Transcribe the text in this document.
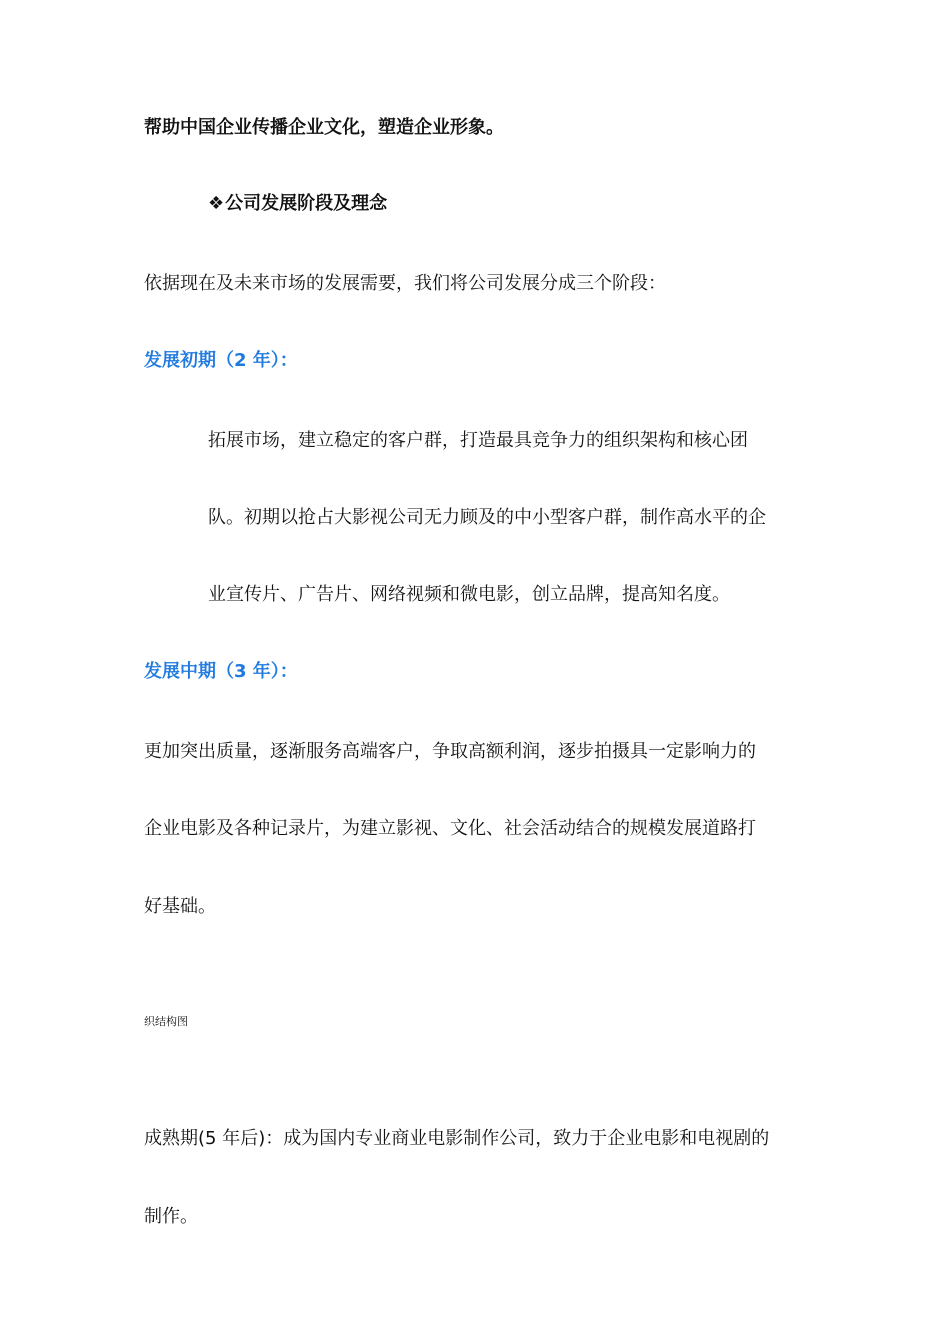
帮助中国企业传播企业文化，塑造企业形象。
❖公司发展阶段及理念
依据现在及未来市场的发展需要，我们将公司发展分成三个阶段：
发展初期（2 年）：
拓展市场，建立稳定的客户群，打造最具竞争力的组织架构和核心团
队。初期以抢占大影视公司无力顾及的中小型客户群，制作高水平的企
业宣传片、广告片、网络视频和微电影，创立品牌，提高知名度。
发展中期（3 年）：
更加突出质量，逐渐服务高端客户，争取高额利润，逐步拍摄具一定影响力的
企业电影及各种记录片，为建立影视、文化、社会活动结合的规模发展道路打
好基础。
织结构图
成熟期(5 年后)：成为国内专业商业电影制作公司，致力于企业电影和电视剧的
制作。
